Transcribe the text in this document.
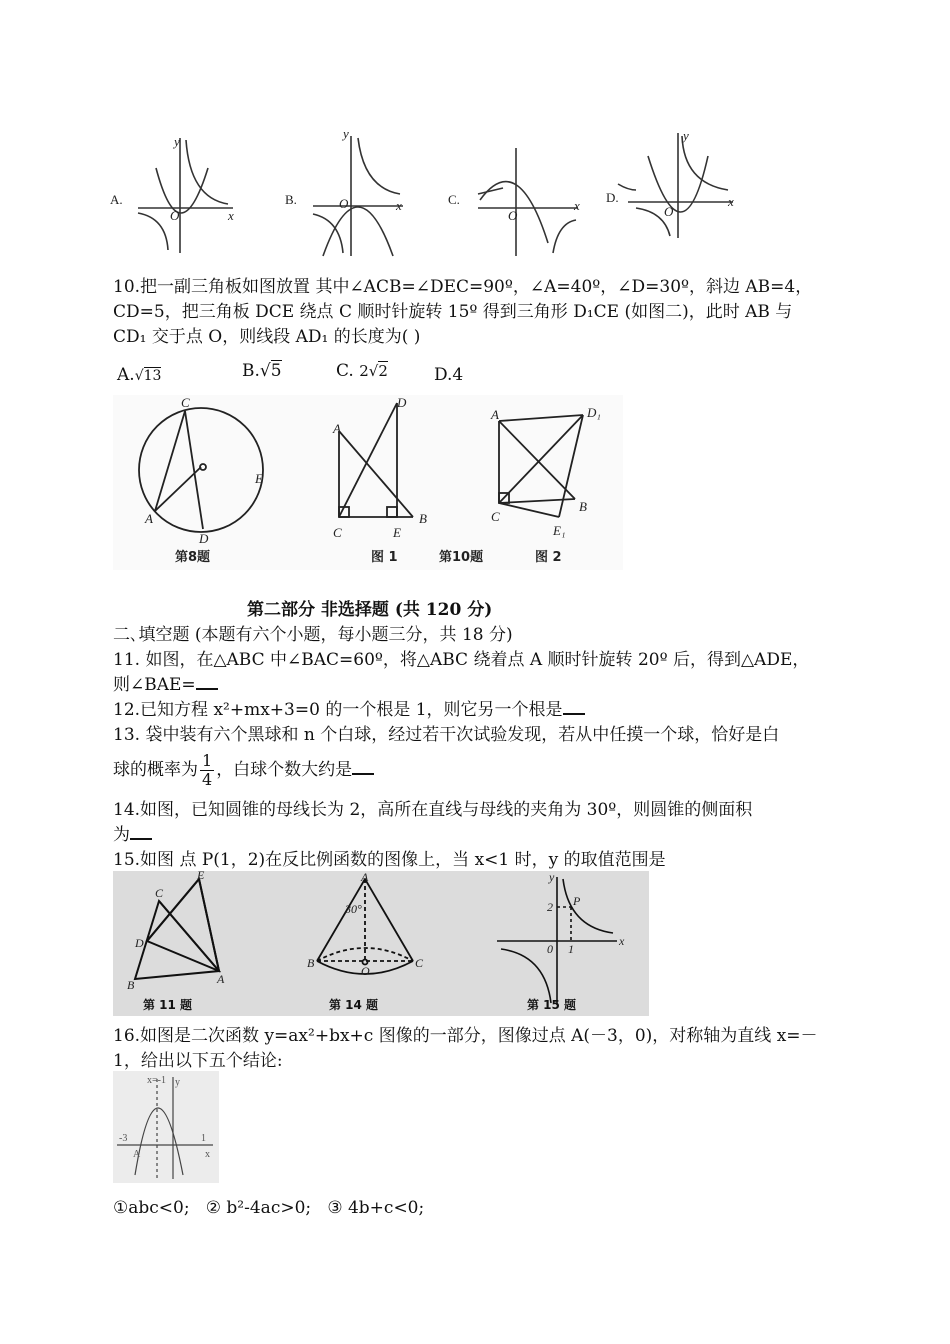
A.	B.	C.	D.
y
O	x
y
O	x
O
x
y
O
x
10.把一副三角板如图放置 其中∠ACB=∠DEC=90º，∠A=40º，∠D=30º，斜边 AB=4，
CD=5，把三角板 DCE 绕点 C 顺时针旋转 15º 得到三角形 D₁CE (如图二)，此时 AB 与
CD₁ 交于点 O，则线段 AD₁ 的长度为( )
A.√13	B.√5	C. 2√2	D.4
C
A
D
E
A
D
C	E
B
A	D₁
C
B
E₁
第8题	图 1	第10题	图 2
第二部分 非选择题 (共 120 分)
二､填空题 (本题有六个小题，每小题三分，共 18 分)
11. 如图，在△ABC 中∠BAC=60º，将△ABC 绕着点 A 顺时针旋转 20º 后，得到△ADE，
则∠BAE=
12.已知方程 x²+mx+3=0 的一个根是 1，则它另一个根是
13. 袋中装有六个黑球和 n 个白球，经过若干次试验发现，若从中任摸一个球，恰好是白
球的概率为 $\frac{1}{4}$ ，白球个数大约是
14.如图，已知圆锥的母线长为 2，高所在直线与母线的夹角为 30º，则圆锥的侧面积
为
15.如图 点 P(1，2)在反比例函数的图像上，当 x<1 时，y 的取值范围是
C
E
D
B	A
A
30°
B	C
O
y
x
2
0 1
P
第 11 题	第 14 题	第 15 题
16.如图是二次函数 y=ax²+bx+c 图像的一部分，图像过点 A(－3，0)，对称轴为直线 x=－
1，给出以下五个结论:
x=-1 y
-3	1
A	x
①abc<0;   ② b²-4ac>0;   ③ 4b+c<0;
